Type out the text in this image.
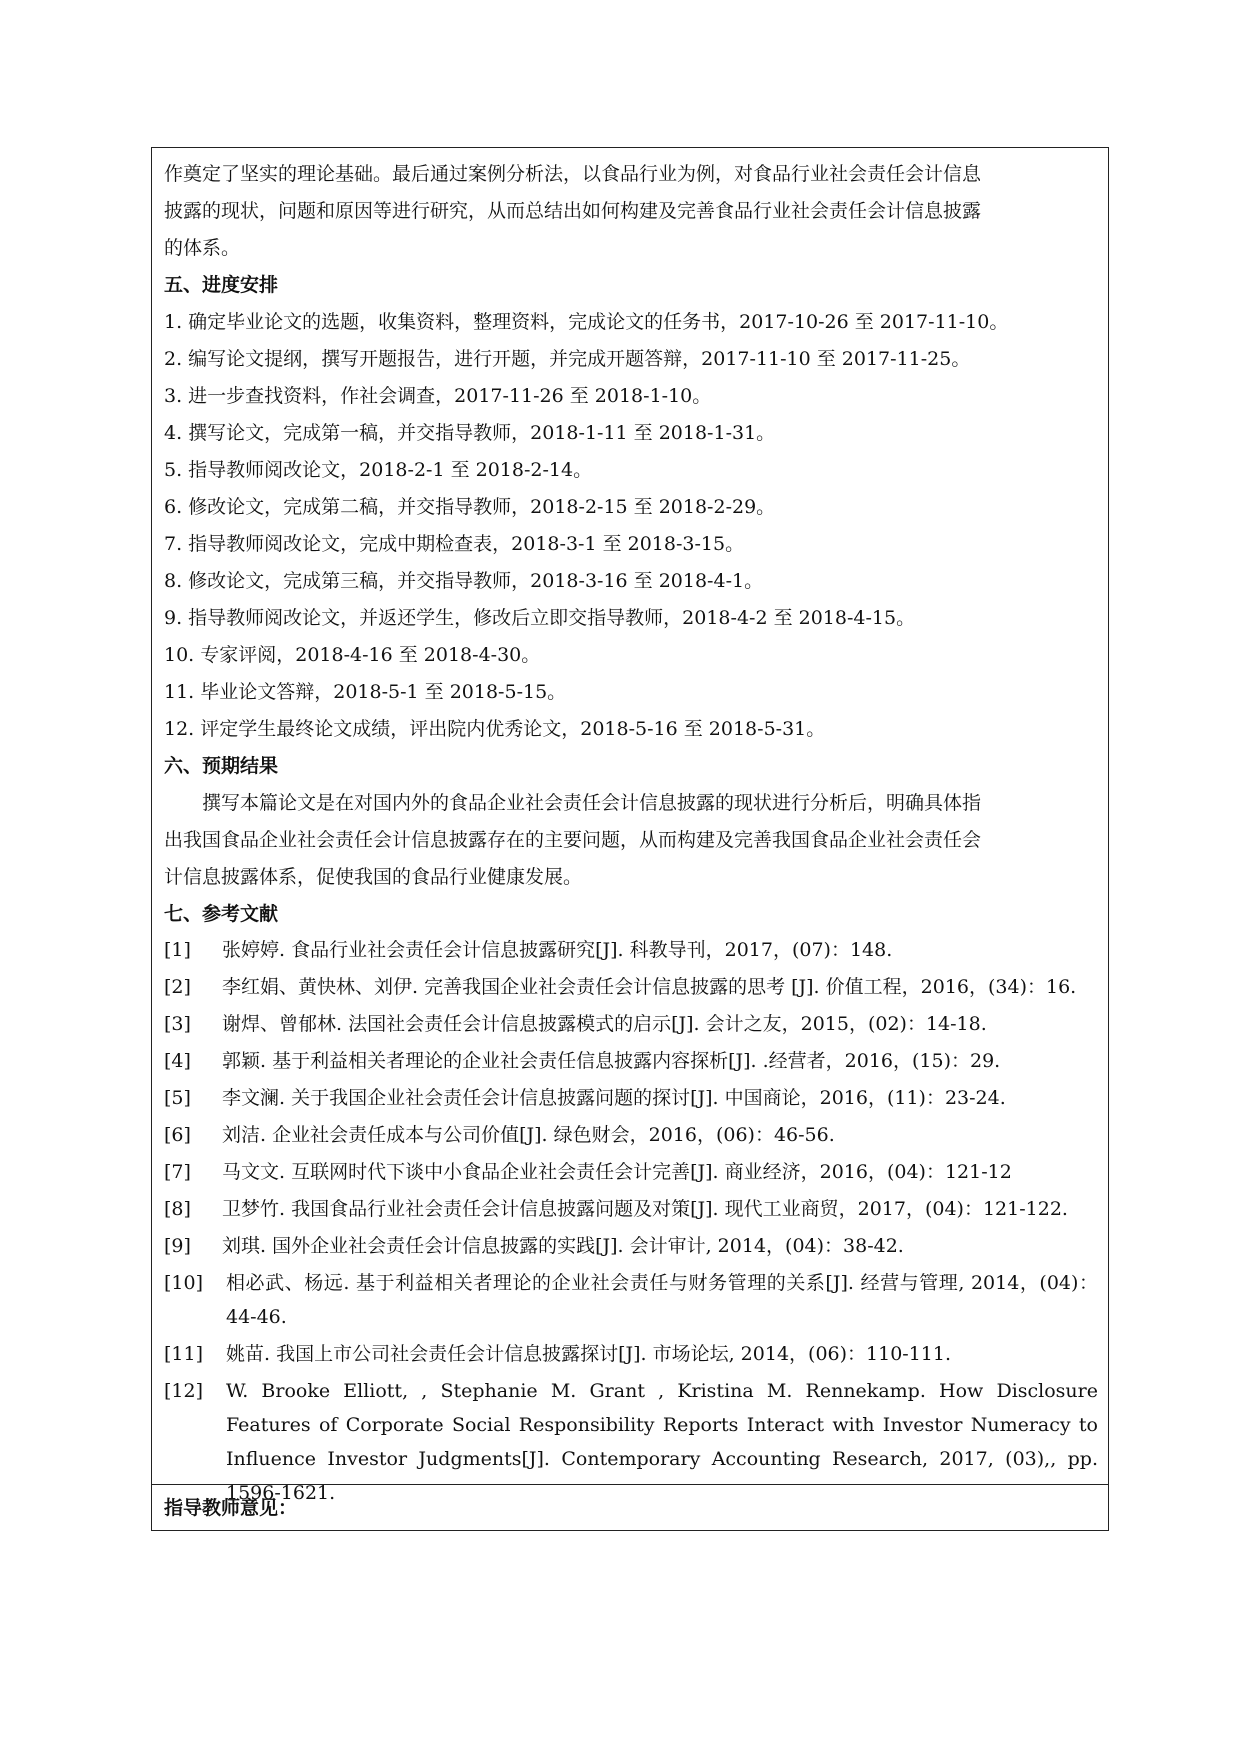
作奠定了坚实的理论基础。最后通过案例分析法，以食品行业为例，对食品行业社会责任会计信息
披露的现状，问题和原因等进行研究，从而总结出如何构建及完善食品行业社会责任会计信息披露
的体系。
五、进度安排
1. 确定毕业论文的选题，收集资料，整理资料，完成论文的任务书，2017-10-26 至 2017-11-10。
2. 编写论文提纲，撰写开题报告，进行开题，并完成开题答辩，2017-11-10 至 2017-11-25。
3. 进一步查找资料，作社会调查，2017-11-26 至 2018-1-10。
4. 撰写论文，完成第一稿，并交指导教师，2018-1-11 至 2018-1-31。
5. 指导教师阅改论文，2018-2-1 至 2018-2-14。
6. 修改论文，完成第二稿，并交指导教师，2018-2-15 至 2018-2-29。
7. 指导教师阅改论文，完成中期检查表，2018-3-1 至 2018-3-15。
8. 修改论文，完成第三稿，并交指导教师，2018-3-16 至 2018-4-1。
9. 指导教师阅改论文，并返还学生，修改后立即交指导教师，2018-4-2 至 2018-4-15。
10. 专家评阅，2018-4-16 至 2018-4-30。
11. 毕业论文答辩，2018-5-1 至 2018-5-15。
12. 评定学生最终论文成绩，评出院内优秀论文，2018-5-16 至 2018-5-31。
六、预期结果
撰写本篇论文是在对国内外的食品企业社会责任会计信息披露的现状进行分析后，明确具体指
出我国食品企业社会责任会计信息披露存在的主要问题，从而构建及完善我国食品企业社会责任会
计信息披露体系，促使我国的食品行业健康发展。
七、参考文献
[1]	张婷婷. 食品行业社会责任会计信息披露研究[J]. 科教导刊，2017，(07)：148.
[2]	李红娟、黄快林、刘伊. 完善我国企业社会责任会计信息披露的思考 [J]. 价值工程，2016，(34)：16.
[3]	谢焊、曾郁林. 法国社会责任会计信息披露模式的启示[J]. 会计之友，2015，(02)：14-18.
[4]	郭颖. 基于利益相关者理论的企业社会责任信息披露内容探析[J]. .经营者，2016，(15)：29.
[5]	李文澜. 关于我国企业社会责任会计信息披露问题的探讨[J]. 中国商论，2016，(11)：23-24.
[6]	刘洁. 企业社会责任成本与公司价值[J]. 绿色财会，2016，(06)：46-56.
[7]	马文文. 互联网时代下谈中小食品企业社会责任会计完善[J]. 商业经济，2016，(04)：121-12
[8]	卫梦竹. 我国食品行业社会责任会计信息披露问题及对策[J]. 现代工业商贸，2017，(04)：121-122.
[9]	刘琪. 国外企业社会责任会计信息披露的实践[J]. 会计审计, 2014，(04)：38-42.
[10]	相必武、杨远. 基于利益相关者理论的企业社会责任与财务管理的关系[J]. 经营与管理, 2014，(04)：44-46.
[11]	姚苗. 我国上市公司社会责任会计信息披露探讨[J]. 市场论坛, 2014，(06)：110-111.
[12]	W. Brooke Elliott, , Stephanie M. Grant , Kristina M. Rennekamp. How Disclosure Features of Corporate Social Responsibility Reports Interact with Investor Numeracy to Influence Investor Judgments[J]. Contemporary Accounting Research, 2017, (03),, pp. 1596-1621.
指导教师意见：
